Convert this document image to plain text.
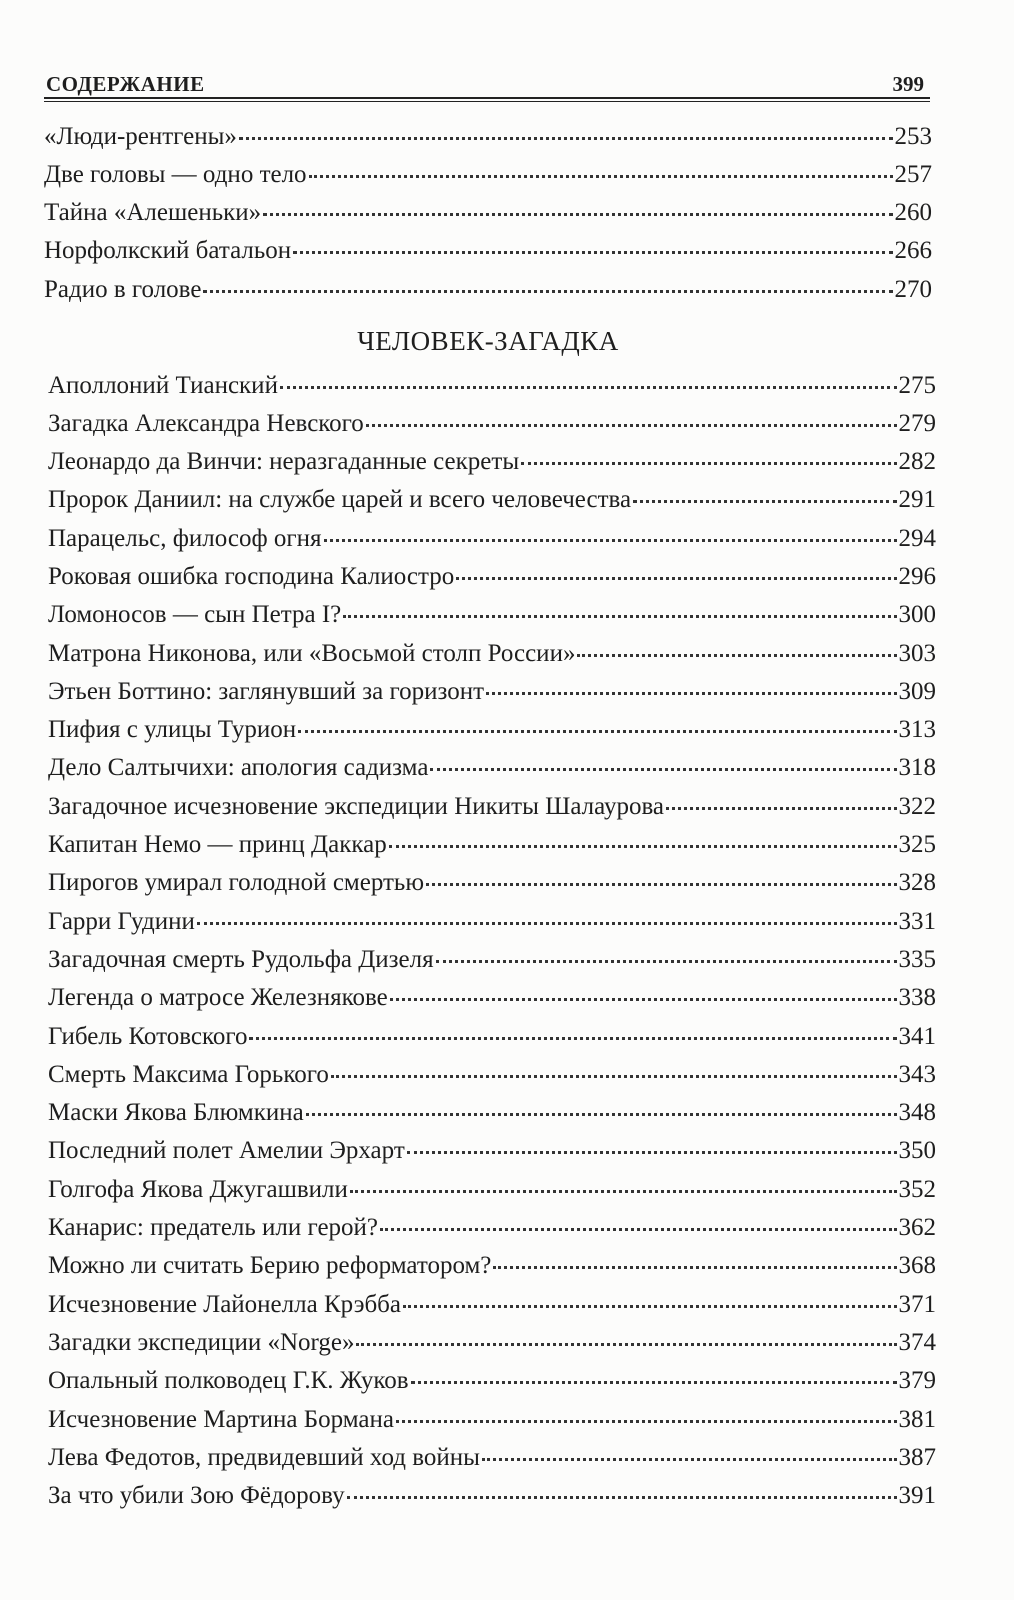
СОДЕРЖАНИЕ	399
«Люди-рентгены»	253
Две головы — одно тело	257
Тайна «Алешеньки»	260
Норфолкский батальон	266
Радио в голове	270
ЧЕЛОВЕК-ЗАГАДКА
Аполлоний Тианский	275
Загадка Александра Невского	279
Леонардо да Винчи: неразгаданные секреты	282
Пророк Даниил: на службе царей и всего человечества	291
Парацельс, философ огня	294
Роковая ошибка господина Калиостро	296
Ломоносов — сын Петра I?	300
Матрона Никонова, или «Восьмой столп России»	303
Этьен Боттино: заглянувший за горизонт	309
Пифия с улицы Турион	313
Дело Салтычихи: апология садизма	318
Загадочное исчезновение экспедиции Никиты Шалаурова	322
Капитан Немо — принц Даккар	325
Пирогов умирал голодной смертью	328
Гарри Гудини	331
Загадочная смерть Рудольфа Дизеля	335
Легенда о матросе Железнякове	338
Гибель Котовского	341
Смерть Максима Горького	343
Маски Якова Блюмкина	348
Последний полет Амелии Эрхарт	350
Голгофа Якова Джугашвили	352
Канарис: предатель или герой?	362
Можно ли считать Берию реформатором?	368
Исчезновение Лайонелла Крэбба	371
Загадки экспедиции «Norge»	374
Опальный полководец Г.К. Жуков	379
Исчезновение Мартина Бормана	381
Лева Федотов, предвидевший ход войны	387
За что убили Зою Фёдорову	391
